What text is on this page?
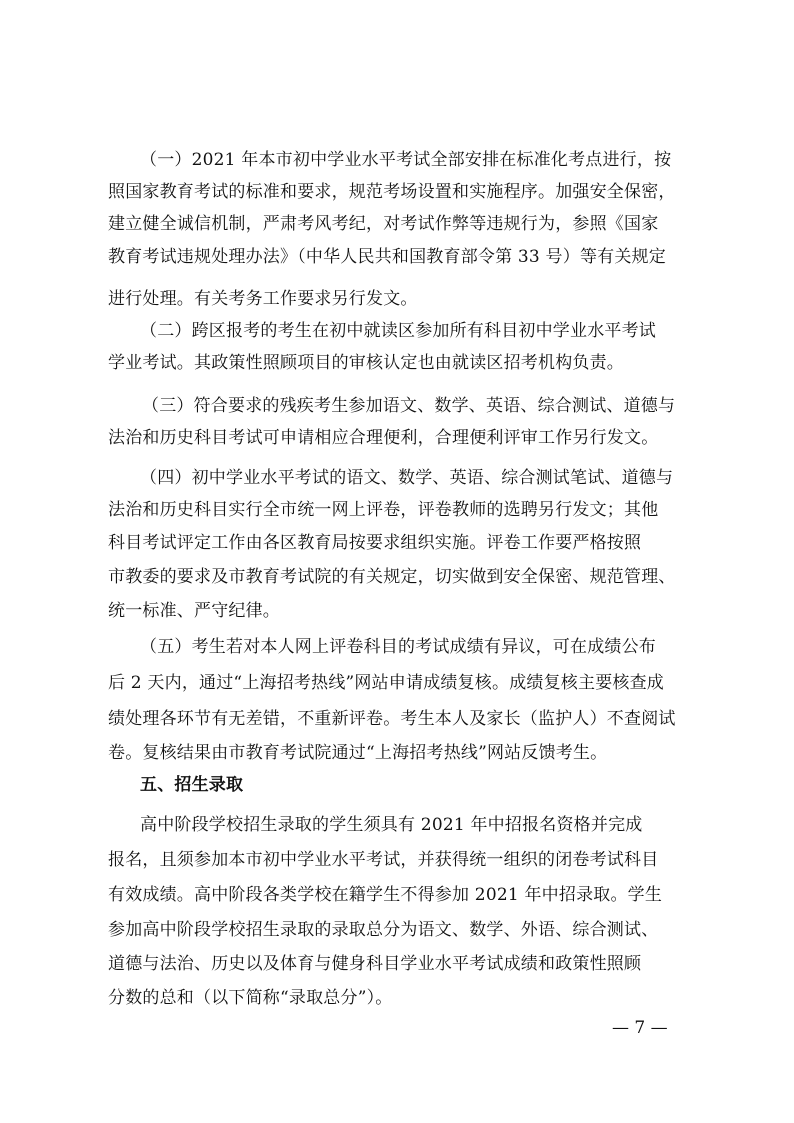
（一）2021 年本市初中学业水平考试全部安排在标准化考点进行，按
照国家教育考试的标准和要求，规范考场设置和实施程序。加强安全保密，
建立健全诚信机制，严肃考风考纪，对考试作弊等违规行为，参照《国家
教育考试违规处理办法》（中华人民共和国教育部令第 33 号）等有关规定
进行处理。有关考务工作要求另行发文。
（二）跨区报考的考生在初中就读区参加所有科目初中学业水平考试
学业考试。其政策性照顾项目的审核认定也由就读区招考机构负责。
（三）符合要求的残疾考生参加语文、数学、英语、综合测试、道德与
法治和历史科目考试可申请相应合理便利，合理便利评审工作另行发文。
（四）初中学业水平考试的语文、数学、英语、综合测试笔试、道德与
法治和历史科目实行全市统一网上评卷，评卷教师的选聘另行发文；其他
科目考试评定工作由各区教育局按要求组织实施。评卷工作要严格按照
市教委的要求及市教育考试院的有关规定，切实做到安全保密、规范管理、
统一标准、严守纪律。
（五）考生若对本人网上评卷科目的考试成绩有异议，可在成绩公布
后 2 天内，通过“上海招考热线”网站申请成绩复核。成绩复核主要核查成
绩处理各环节有无差错，不重新评卷。考生本人及家长（监护人）不查阅试
卷。复核结果由市教育考试院通过“上海招考热线”网站反馈考生。
五、招生录取
高中阶段学校招生录取的学生须具有 2021 年中招报名资格并完成
报名，且须参加本市初中学业水平考试，并获得统一组织的闭卷考试科目
有效成绩。高中阶段各类学校在籍学生不得参加 2021 年中招录取。学生
参加高中阶段学校招生录取的录取总分为语文、数学、外语、综合测试、
道德与法治、历史以及体育与健身科目学业水平考试成绩和政策性照顾
分数的总和（以下简称“录取总分”）。
— 7 —
